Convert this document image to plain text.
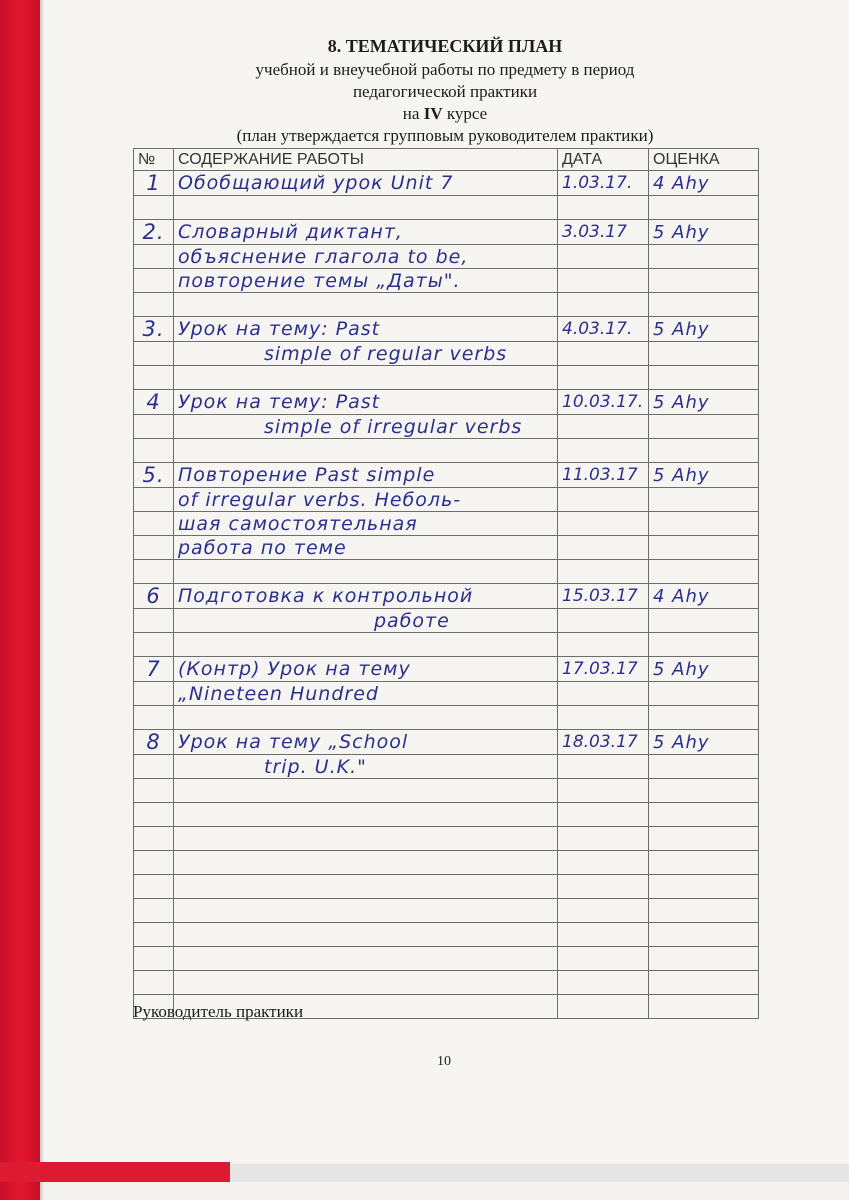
8. ТЕМАТИЧЕСКИЙ ПЛАН
учебной и внеучебной работы по предмету в период
педагогической практики
на IV курсе
(план утверждается групповым руководителем практики)
№	СОДЕРЖАНИЕ РАБОТЫ	ДАТА	ОЦЕНКА
1	Обобщающий урок Unit 7	1.03.17.	4 Ahy

2.	Словарный диктант,	3.03.17	5 Ahy
	объяснение глагола to be,		
	повторение темы „Даты".		

3.	Урок на тему: Past	4.03.17.	5 Ahy
	simple of regular verbs		

4	Урок на тему: Past	10.03.17.	5 Ahy
	simple of irregular verbs		

5.	Повторение Past simple	11.03.17	5 Ahy
	of irregular verbs. Неболь-		
	шая самостоятельная		
	работа по теме		

6	Подготовка к контрольной	15.03.17	4 Ahy
	работе		

7	(Контр) Урок на тему	17.03.17	5 Ahy
	„Nineteen Hundred		

8	Урок на тему „School	18.03.17	5 Ahy
	trip. U.K."		

Руководитель практики
10
